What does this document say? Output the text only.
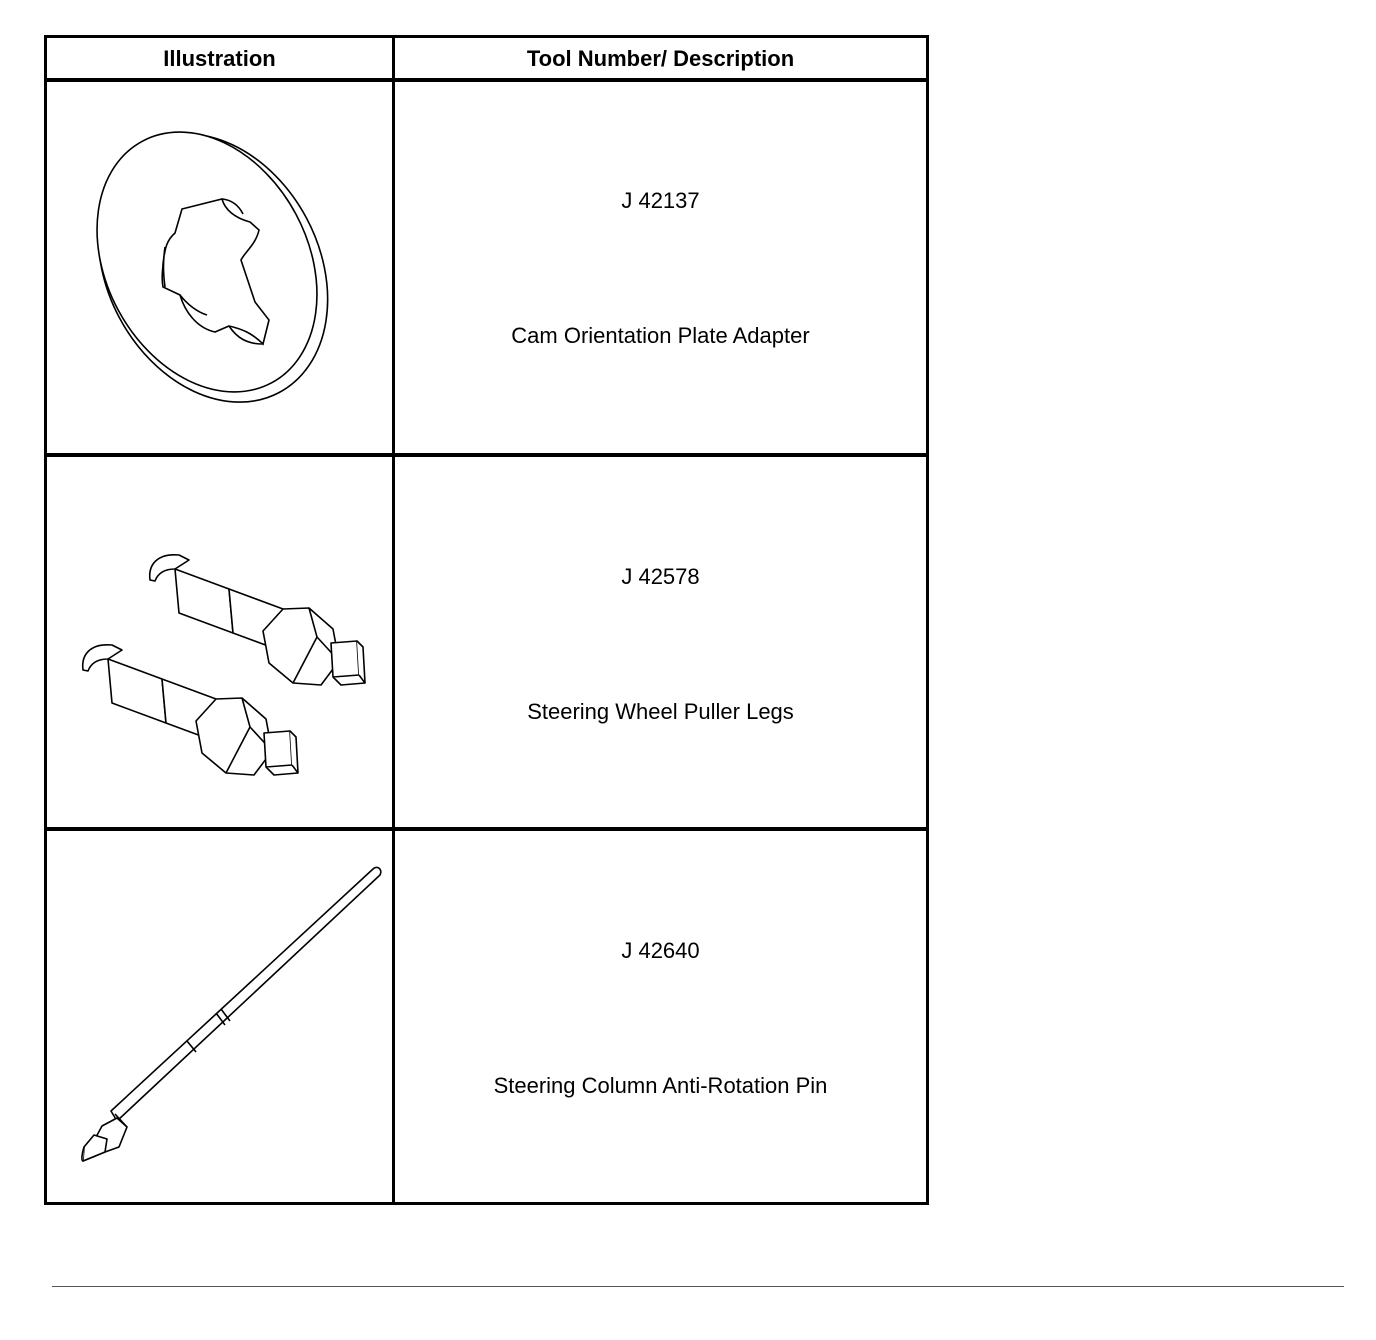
Illustration	Tool Number/ Description
J 42137
Cam Orientation Plate Adapter
J 42578
Steering Wheel Puller Legs
J 42640
Steering Column Anti-Rotation Pin
